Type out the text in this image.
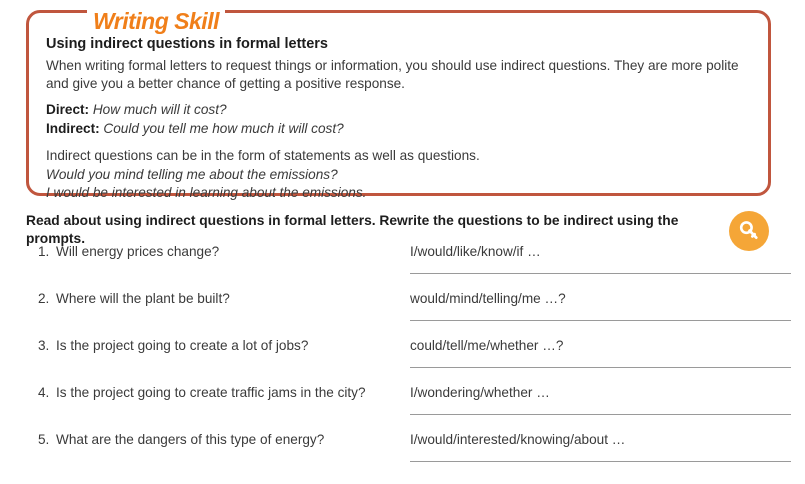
Writing Skill
Using indirect questions in formal letters
When writing formal letters to request things or information, you should use indirect questions. They are more polite and give you a better chance of getting a positive response.
Direct: How much will it cost?
Indirect: Could you tell me how much it will cost?
Indirect questions can be in the form of statements as well as questions.
Would you mind telling me about the emissions?
I would be interested in learning about the emissions.
Read about using indirect questions in formal letters. Rewrite the questions to be indirect using the prompts.
1. Will energy prices change?	I/would/like/know/if …
2. Where will the plant be built?	would/mind/telling/me …?
3. Is the project going to create a lot of jobs?	could/tell/me/whether …?
4. Is the project going to create traffic jams in the city?	I/wondering/whether …
5. What are the dangers of this type of energy?	I/would/interested/knowing/about …
